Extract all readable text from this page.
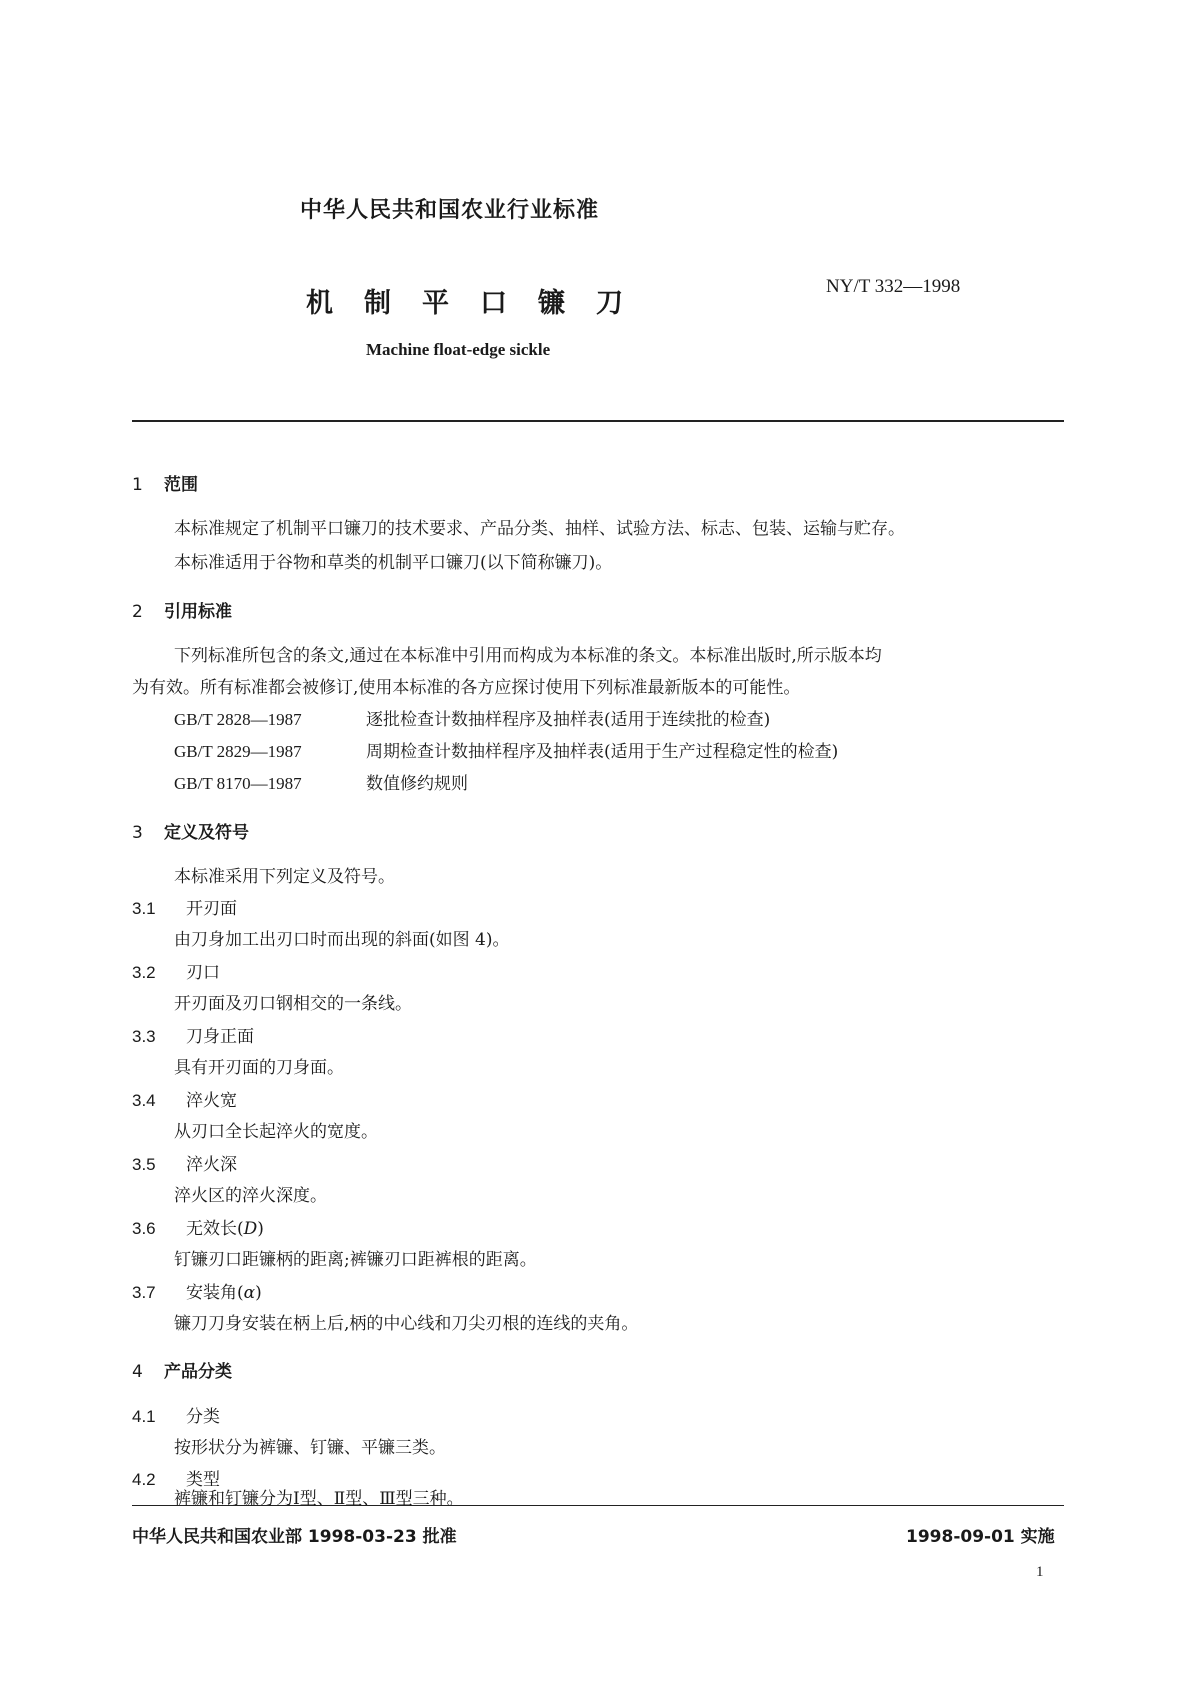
中华人民共和国农业行业标准
机制平口镰刀
NY/T 332—1998
Machine float-edge sickle
1 范围
本标准规定了机制平口镰刀的技术要求、产品分类、抽样、试验方法、标志、包装、运输与贮存。
本标准适用于谷物和草类的机制平口镰刀(以下简称镰刀)。
2 引用标准
下列标准所包含的条文,通过在本标准中引用而构成为本标准的条文。本标准出版时,所示版本均
为有效。所有标准都会被修订,使用本标准的各方应探讨使用下列标准最新版本的可能性。
GB/T 2828—1987	逐批检查计数抽样程序及抽样表(适用于连续批的检查)
GB/T 2829—1987	周期检查计数抽样程序及抽样表(适用于生产过程稳定性的检查)
GB/T 8170—1987	数值修约规则
3 定义及符号
本标准采用下列定义及符号。
3.1 开刃面
由刀身加工出刃口时而出现的斜面(如图 4)。
3.2 刃口
开刃面及刃口钢相交的一条线。
3.3 刀身正面
具有开刃面的刀身面。
3.4 淬火宽
从刃口全长起淬火的宽度。
3.5 淬火深
淬火区的淬火深度。
3.6 无效长(D)
钉镰刃口距镰柄的距离;裤镰刃口距裤根的距离。
3.7 安装角(α)
镰刀刀身安装在柄上后,柄的中心线和刀尖刃根的连线的夹角。
4 产品分类
4.1 分类
按形状分为裤镰、钉镰、平镰三类。
4.2 类型
裤镰和钉镰分为Ⅰ型、Ⅱ型、Ⅲ型三种。
中华人民共和国农业部 1998-03-23 批准	1998-09-01 实施
1
